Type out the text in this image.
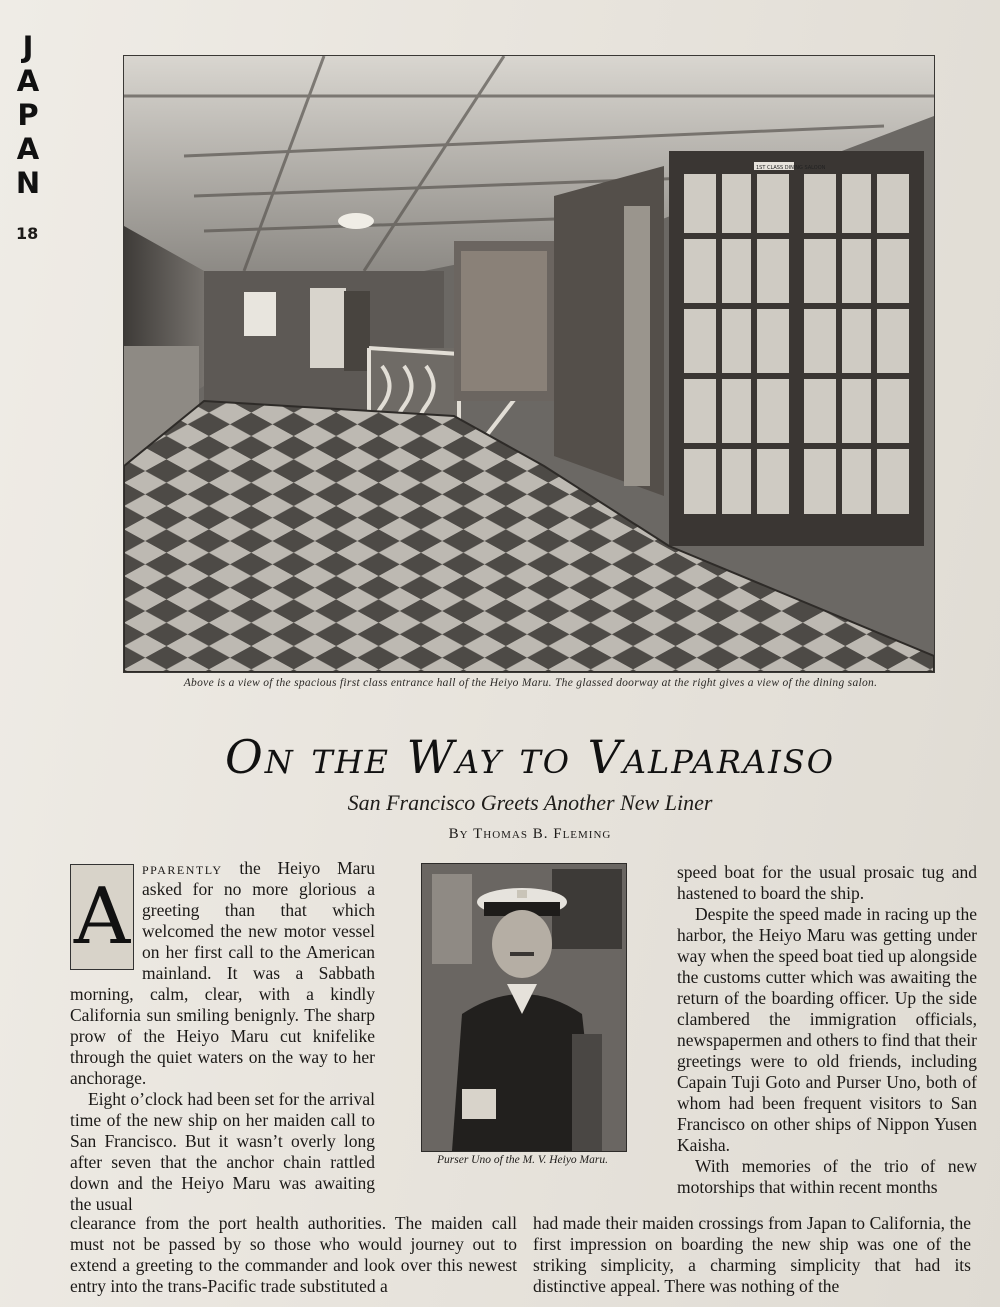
J
A
P
A
N
18
1ST CLASS DINING SALOON
Above is a view of the spacious first class entrance hall of the Heiyo Maru. The glassed doorway at the right gives a view of the dining salon.
On the Way to Valparaiso
San Francisco Greets Another New Liner
By Thomas B. Fleming

A
pparently the Heiyo Maru asked for no more glorious a greeting than that which welcomed the new motor vessel on her first call to the American mainland. It was a Sabbath morning, calm, clear, with a kindly California sun smiling benignly. The sharp prow of the Heiyo Maru cut knifelike through the quiet waters on the way to her anchorage.

Eight o’clock had been set for the arrival time of the new ship on her maiden call to San Francisco. But it wasn’t overly long after seven that the anchor chain rattled down and the Heiyo Maru was awaiting the usual

Purser Uno of the M. V. Heiyo Maru.

speed boat for the usual prosaic tug and hastened to board the ship.

Despite the speed made in racing up the harbor, the Heiyo Maru was getting under way when the speed boat tied up alongside the customs cutter which was awaiting the return of the boarding officer. Up the side clambered the immigration officials, newspapermen and others to find that their greetings were to old friends, including Capain Tuji Goto and Purser Uno, both of whom had been frequent visitors to San Francisco on other ships of Nippon Yusen Kaisha.

With memories of the trio of new motorships that within recent months

clearance from the port health authorities. The maiden call must not be passed by so those who would journey out to extend a greeting to the commander and look over this newest entry into the trans-Pacific trade substituted a
had made their maiden crossings from Japan to California, the first impression on boarding the new ship was one of the striking simplicity, a charming simplicity that had its distinctive appeal. There was nothing of the
